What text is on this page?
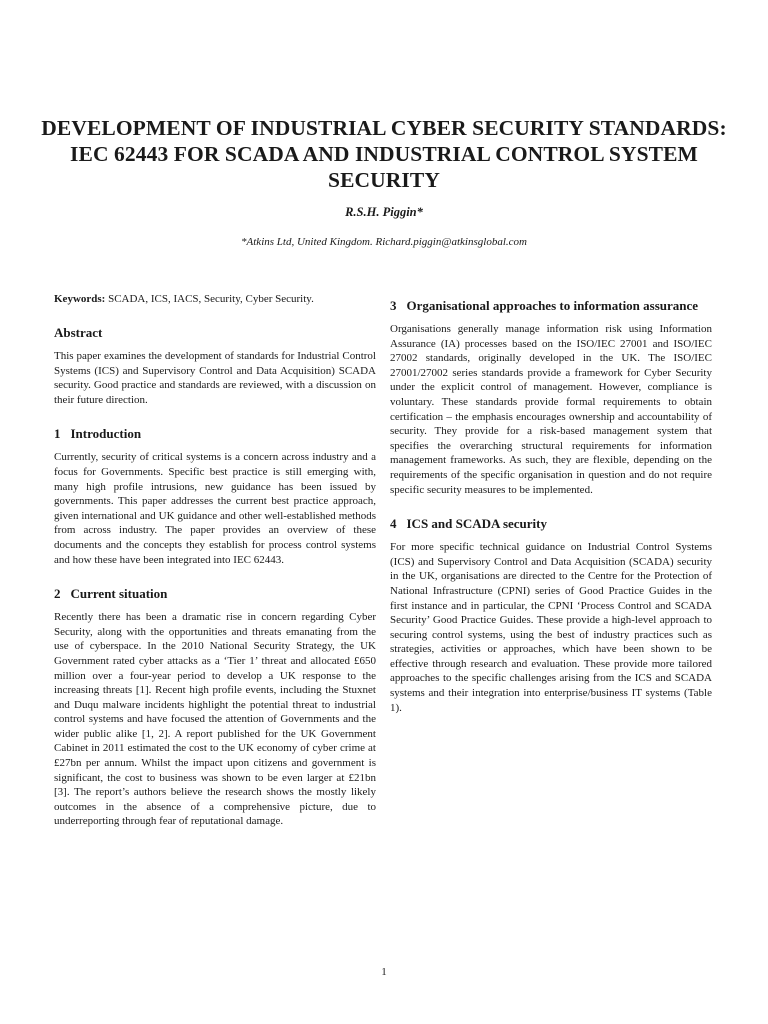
DEVELOPMENT OF INDUSTRIAL CYBER SECURITY STANDARDS: IEC 62443 FOR SCADA AND INDUSTRIAL CONTROL SYSTEM SECURITY

R.S.H. Piggin*

*Atkins Ltd, United Kingdom. Richard.piggin@atkinsglobal.com

Keywords: SCADA, ICS, IACS, Security, Cyber Security.

Abstract

This paper examines the development of standards for Industrial Control Systems (ICS) and Supervisory Control and Data Acquisition) SCADA security. Good practice and standards are reviewed, with a discussion on their future direction.

1 Introduction

Currently, security of critical systems is a concern across industry and a focus for Governments. Specific best practice is still emerging with, many high profile intrusions, new guidance has been issued by governments. This paper addresses the current best practice approach, given international and UK guidance and other well-established methods from across industry. The paper provides an overview of these documents and the concepts they establish for process control systems and how these have been integrated into IEC 62443.

2 Current situation

Recently there has been a dramatic rise in concern regarding Cyber Security, along with the opportunities and threats emanating from the use of cyberspace. In the 2010 National Security Strategy, the UK Government rated cyber attacks as a ‘Tier 1’ threat and allocated £650 million over a four-year period to develop a UK response to the increasing threats [1]. Recent high profile events, including the Stuxnet and Duqu malware incidents highlight the potential threat to industrial control systems and have focused the attention of Governments and the wider public alike [1, 2]. A report published for the UK Government Cabinet in 2011 estimated the cost to the UK economy of cyber crime at £27bn per annum. Whilst the impact upon citizens and government is significant, the cost to business was shown to be even larger at £21bn [3]. The report’s authors believe the research shows the mostly likely outcomes in the absence of a comprehensive picture, due to underreporting through fear of reputational damage.

3 Organisational approaches to information assurance

Organisations generally manage information risk using Information Assurance (IA) processes based on the ISO/IEC 27001 and ISO/IEC 27002 standards, originally developed in the UK. The ISO/IEC 27001/27002 series standards provide a framework for Cyber Security under the explicit control of management. However, compliance is voluntary. These standards provide formal requirements to obtain certification – the emphasis encourages ownership and accountability of security. They provide for a risk-based management system that specifies the overarching structural requirements for information management frameworks. As such, they are flexible, depending on the requirements of the specific organisation in question and do not require specific security measures to be implemented.

4 ICS and SCADA security

For more specific technical guidance on Industrial Control Systems (ICS) and Supervisory Control and Data Acquisition (SCADA) security in the UK, organisations are directed to the Centre for the Protection of National Infrastructure (CPNI) series of Good Practice Guides in the first instance and in particular, the CPNI ‘Process Control and SCADA Security’ Good Practice Guides. These provide a high-level approach to securing control systems, using the best of industry practices such as strategies, activities or approaches, which have been shown to be effective through research and evaluation. These provide more tailored approaches to the specific challenges arising from the ICS and SCADA systems and their integration into enterprise/business IT systems (Table 1).

1
